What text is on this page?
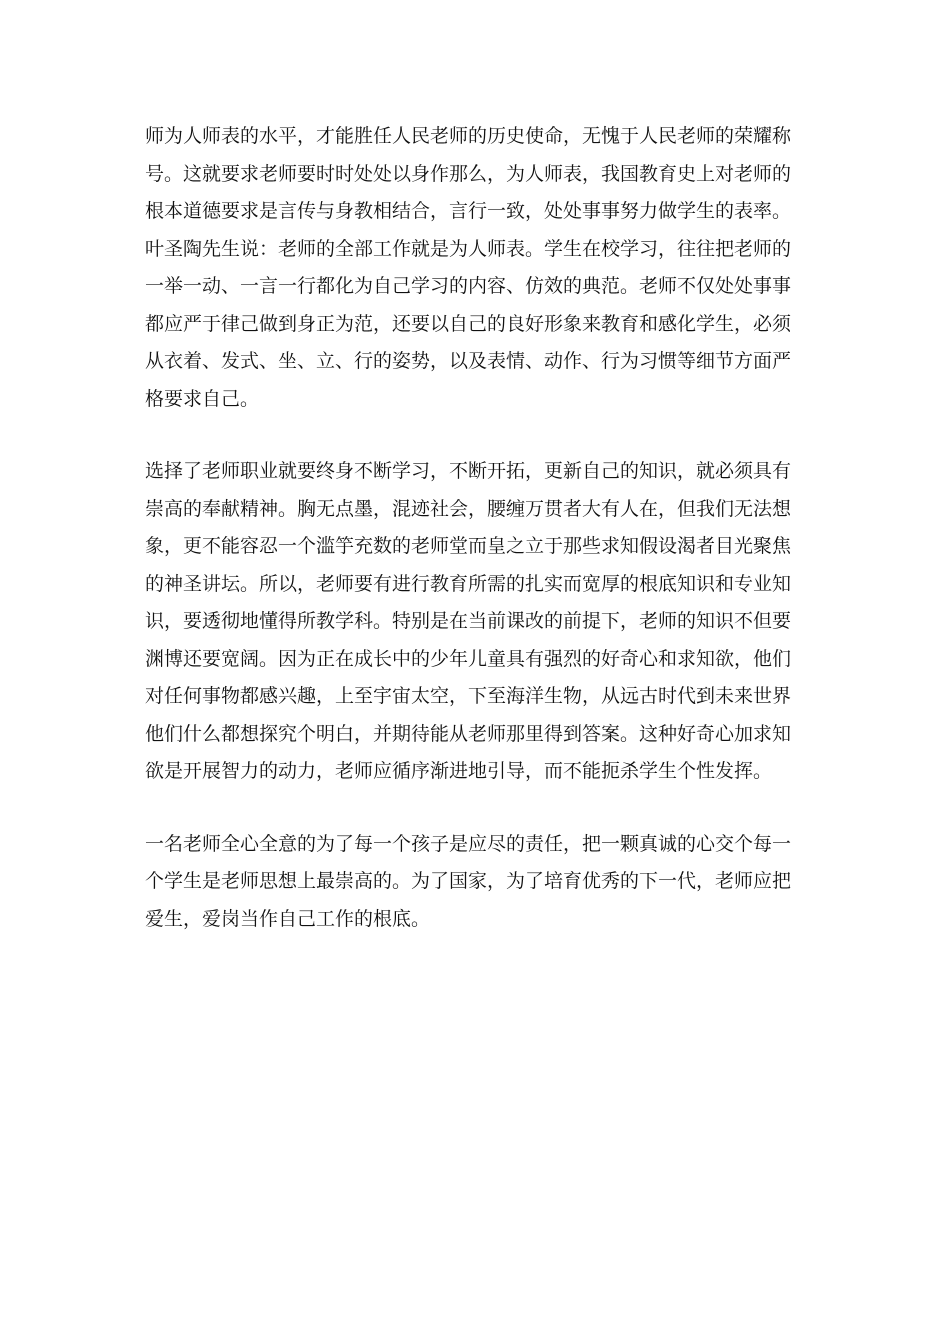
师为人师表的水平，才能胜任人民老师的历史使命，无愧于人民老师的荣耀称
号。这就要求老师要时时处处以身作那么，为人师表，我国教育史上对老师的
根本道德要求是言传与身教相结合，言行一致，处处事事努力做学生的表率。
叶圣陶先生说：老师的全部工作就是为人师表。学生在校学习，往往把老师的
一举一动、一言一行都化为自己学习的内容、仿效的典范。老师不仅处处事事
都应严于律己做到身正为范，还要以自己的良好形象来教育和感化学生，必须
从衣着、发式、坐、立、行的姿势，以及表情、动作、行为习惯等细节方面严
格要求自己。
选择了老师职业就要终身不断学习，不断开拓，更新自己的知识，就必须具有
崇高的奉献精神。胸无点墨，混迹社会，腰缠万贯者大有人在，但我们无法想
象，更不能容忍一个滥竽充数的老师堂而皇之立于那些求知假设渴者目光聚焦
的神圣讲坛。所以，老师要有进行教育所需的扎实而宽厚的根底知识和专业知
识，要透彻地懂得所教学科。特别是在当前课改的前提下，老师的知识不但要
渊博还要宽阔。因为正在成长中的少年儿童具有强烈的好奇心和求知欲，他们
对任何事物都感兴趣，上至宇宙太空，下至海洋生物，从远古时代到未来世界
他们什么都想探究个明白，并期待能从老师那里得到答案。这种好奇心加求知
欲是开展智力的动力，老师应循序渐进地引导，而不能扼杀学生个性发挥。
一名老师全心全意的为了每一个孩子是应尽的责任，把一颗真诚的心交个每一
个学生是老师思想上最崇高的。为了国家，为了培育优秀的下一代，老师应把
爱生，爱岗当作自己工作的根底。
